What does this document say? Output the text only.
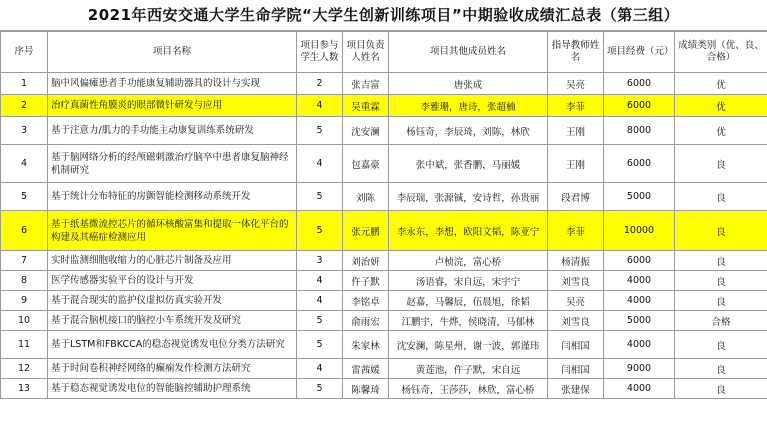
2021年西安交通大学生命学院“大学生创新训练项目”中期验收成绩汇总表（第三组）
序号	项目名称	项目参与学生人数	项目负责人姓名	项目其他成员姓名	指导教师姓名	项目经费（元）	成绩类别（优、良、合格）
1	脑中风偏瘫患者手功能康复辅助器具的设计与实现	2	张吉富	唐张成	吴亮	6000	优
2	治疗真菌性角膜炎的眼部微针研发与应用	4	吴重霖	李雅珊，唐诗，张超楠	李菲	6000	优
3	基于注意力/肌力的手功能主动康复训练系统研发	5	沈安澜	杨钰奇，李辰琦，刘陈，林欣	王刚	8000	优
4	基于脑网络分析的经颅磁刺激治疗脑卒中患者康复脑神经机制研究	4	包嘉豪	张中斌，张香鹏，马丽媛	王刚	6000	良
5	基于统计分布特征的房颤智能检测移动系统开发	5	刘陈	李辰瑞，张源铖，安诗哲，孙贵丽	段君博	5000	良
6	基于纸基微流控芯片的循环核酸富集和提取一体化平台的构建及其癌症检测应用	5	张元鹏	李永东，李想，欧阳文韬，陈亚宁	李菲	10000	良
7	实时监测细胞收缩力的心脏芯片制备及应用	3	刘治妍	卢桢浣，富心桥	杨清振	6000	良
8	医学传感器实验平台的设计与开发	4	仵子默	汤语睿，宋自远，宋宇宁	刘雪良	4000	良
9	基于混合现实的监护仪虚拟仿真实验开发	4	李铭卓	赵嘉，马馨辰，伍晨旭，徐韬	吴亮	4000	良
10	基于混合脑机接口的脑控小车系统开发及研究	5	俞雨宏	江鹏宇，牛烨，侯晓清，马郁林	刘雪良	5000	合格
11	基于LSTM和FBKCCA的稳态视觉诱发电位分类方法研究	5	朱家林	沈安澜，陈星州，谢一波，郭谨玮	闫相国	4000	良
12	基于时间卷积神经网络的癫痫发作检测方法研究	4	雷茜媛	黄莲池，仵子默，宋自远	闫相国	9000	良
13	基于稳态视觉诱发电位的智能脑控辅助护理系统	5	陈馨琦	杨钰奇，王莎莎，林欣，富心桥	张建保	4000	良
